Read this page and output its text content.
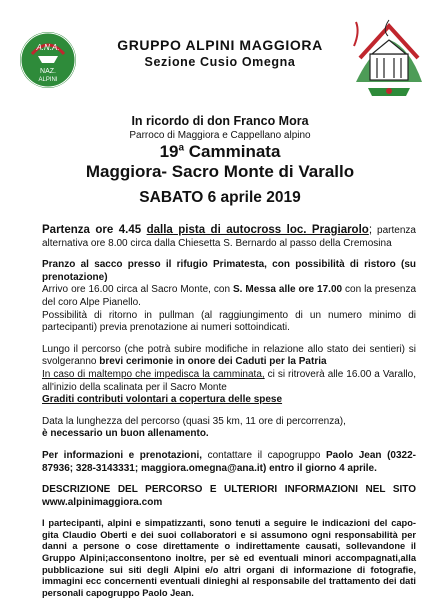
A.N.A.
NAZ.
ALPINI
GRUPPO ALPINI MAGGIORA
Sezione Cusio Omegna
In ricordo di don Franco Mora
Parroco di Maggiora e Cappellano alpino
19$^a$ Camminata
Maggiora- Sacro Monte di Varallo
SABATO 6 aprile 2019

Partenza ore 4.45 dalla pista di autocross loc. Pragiarolo; partenza alternativa ore 8.00 circa dalla Chiesetta S. Bernardo al passo della Cremosina

Pranzo al sacco presso il rifugio Primatesta, con possibilità di ristoro (su prenotazione)
Arrivo ore 16.00 circa al Sacro Monte, con S. Messa alle ore 17.00 con la presenza del coro Alpe Pianello.
Possibilità di ritorno in pullman (al raggiungimento di un numero minimo di partecipanti) previa prenotazione ai numeri sottoindicati.

Lungo il percorso (che potrà subire modifiche in relazione allo stato dei sentieri) si svolgeranno brevi cerimonie in onore dei Caduti per la Patria
In caso di maltempo che impedisca la camminata, ci si ritroverà alle 16.00 a Varallo, all'inizio della scalinata per il Sacro Monte
Graditi contributi volontari a copertura delle spese

Data la lunghezza del percorso (quasi 35 km, 11 ore di percorrenza),
è necessario un buon allenamento.

Per informazioni e prenotazioni, contattare il capogruppo Paolo Jean (0322-87936; 328-3143331; maggiora.omegna@ana.it) entro il giorno 4 aprile.

DESCRIZIONE DEL PERCORSO E ULTERIORI INFORMAZIONI NEL SITO www.alpinimaggiora.com

I partecipanti, alpini e simpatizzanti, sono tenuti a seguire le indicazioni del capo-gita Claudio Oberti e dei suoi collaboratori e si assumono ogni responsabilità per danni a persone o cose direttamente o indirettamente causati, sollevandone il Gruppo Alpini;acconsentono inoltre, per sè ed eventuali minori accompagnati,alla pubblicazione sui siti degli Alpini e/o altri organi di informazione di fotografie, immagini ecc concernenti eventuali dinieghi al responsabile del trattamento dei dati personali capogruppo Paolo Jean.
